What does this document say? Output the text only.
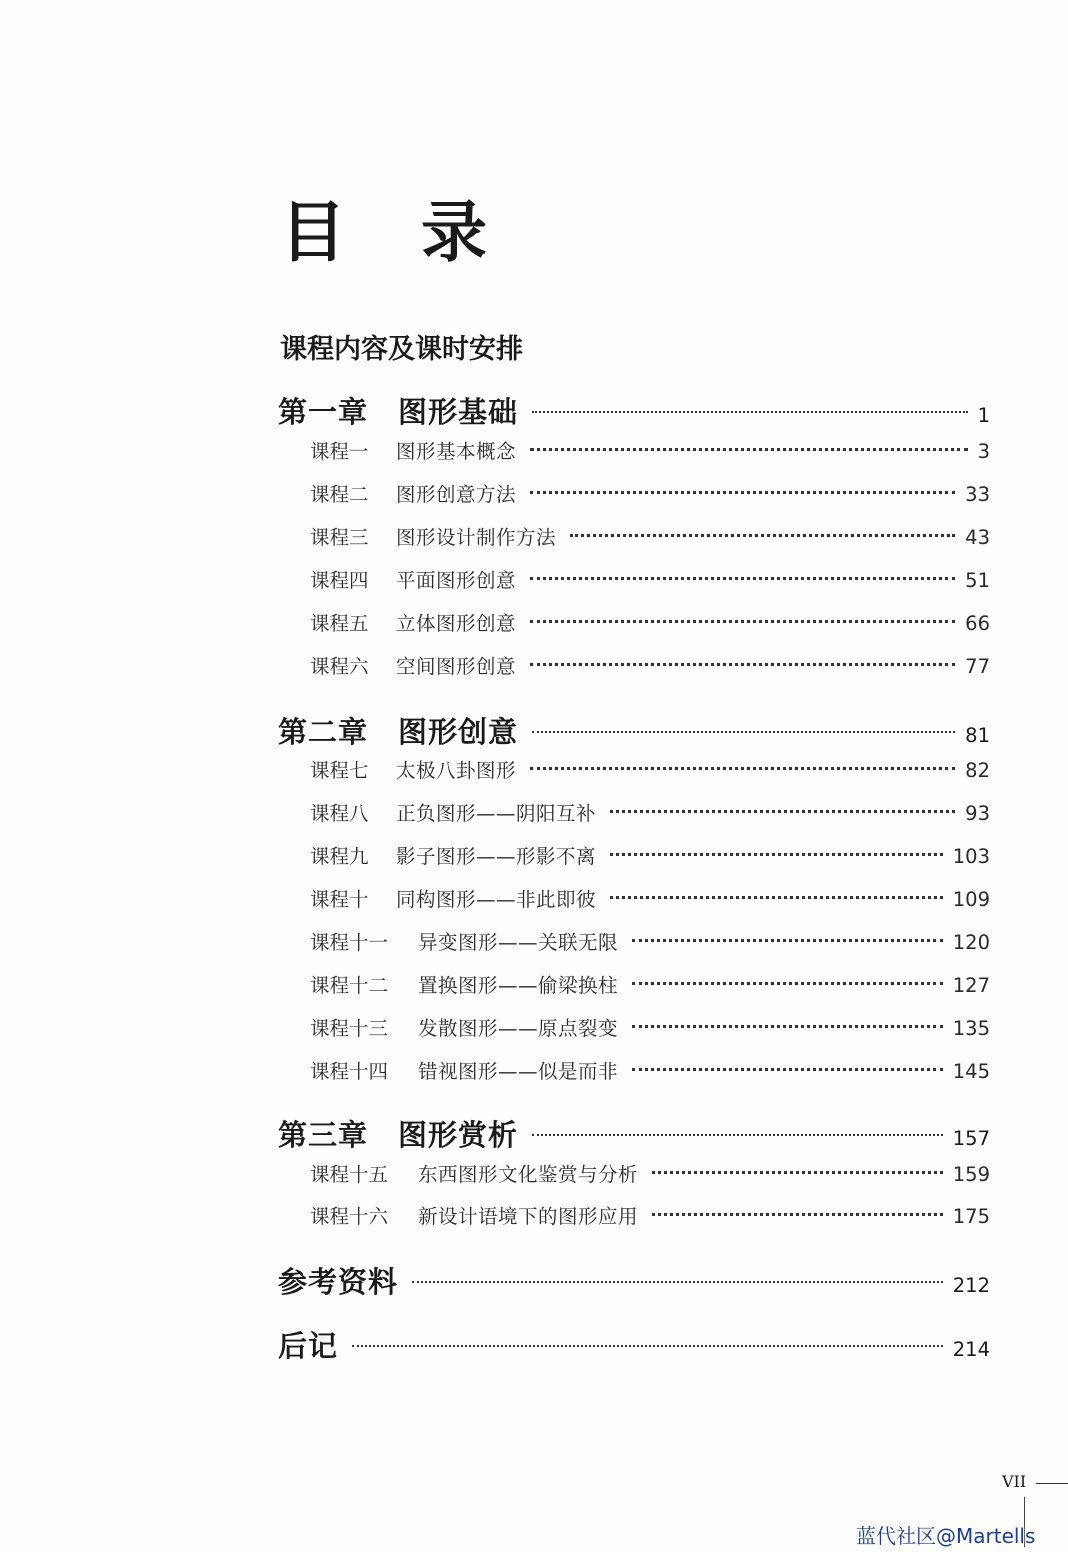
目 录
课程内容及课时安排
第一章	图形基础	1
课程一	图形基本概念	3
课程二	图形创意方法	33
课程三	图形设计制作方法	43
课程四	平面图形创意	51
课程五	立体图形创意	66
课程六	空间图形创意	77
第二章	图形创意	81
课程七	太极八卦图形	82
课程八	正负图形——阴阳互补	93
课程九	影子图形——形影不离	103
课程十	同构图形——非此即彼	109
课程十一	异变图形——关联无限	120
课程十二	置换图形——偷梁换柱	127
课程十三	发散图形——原点裂变	135
课程十四	错视图形——似是而非	145
第三章	图形赏析	157
课程十五	东西图形文化鉴赏与分析	159
课程十六	新设计语境下的图形应用	175
参考资料	212
后记	214
VII
蓝代社区@Martells
